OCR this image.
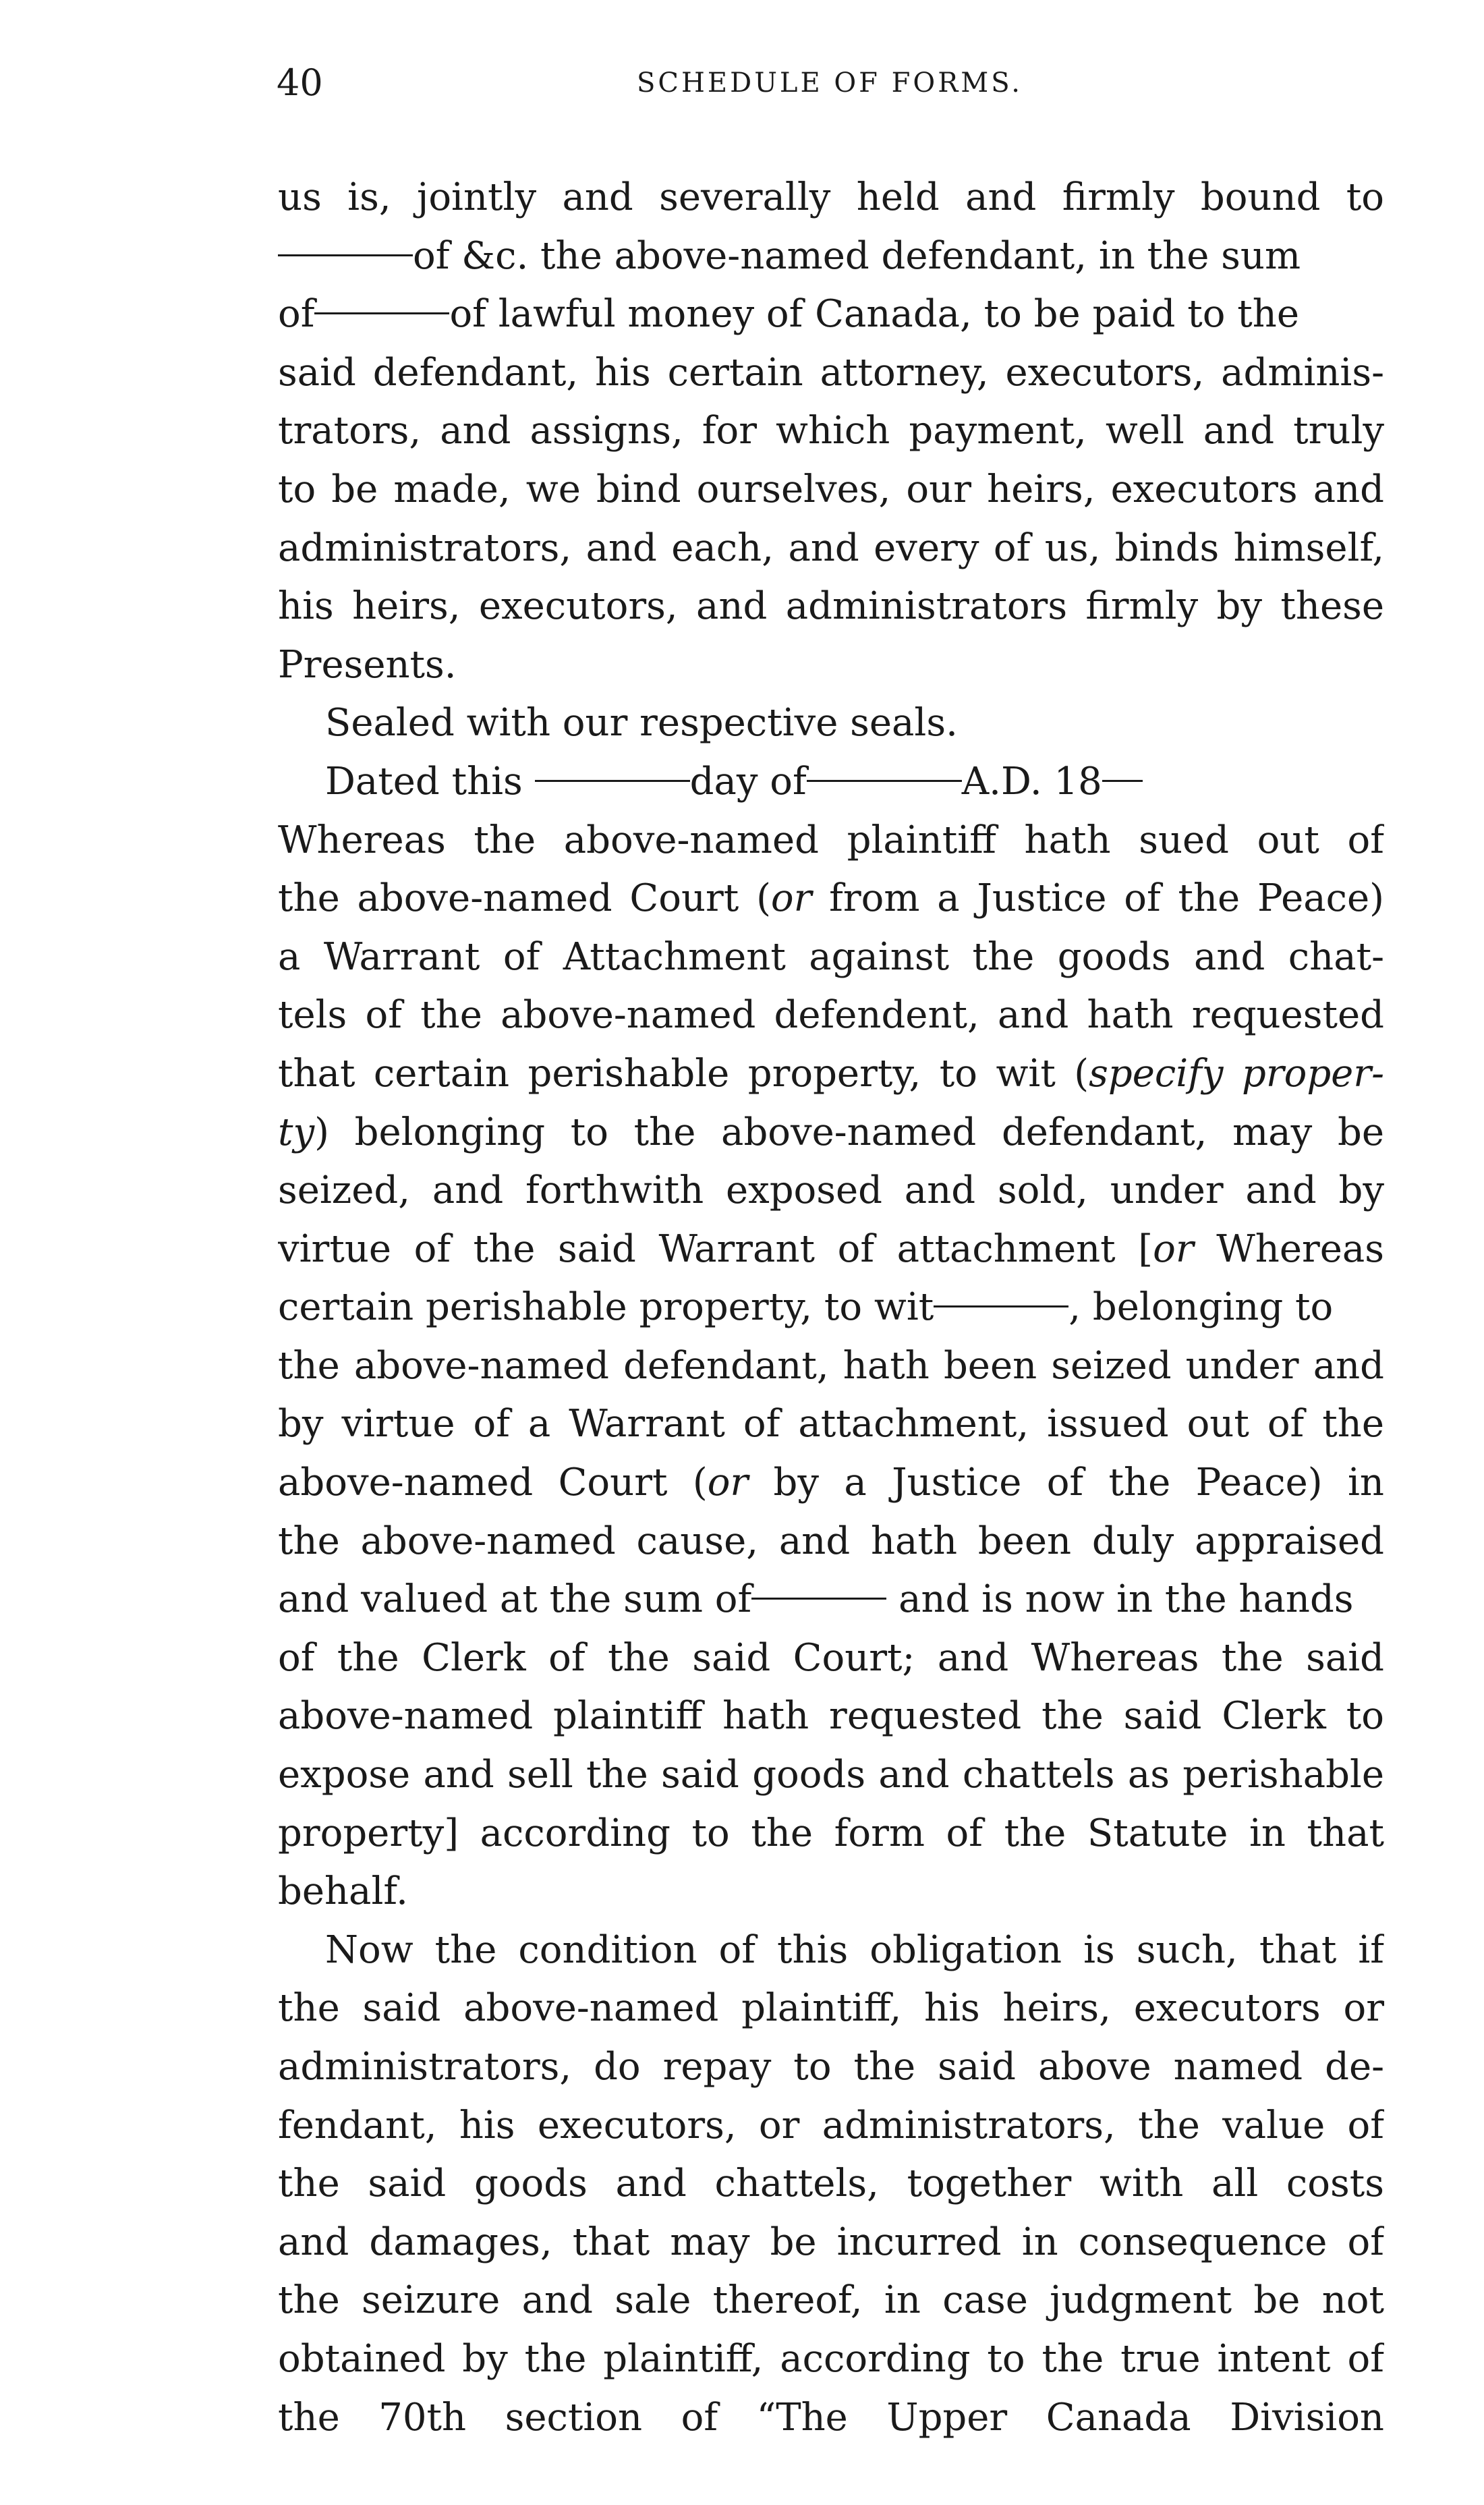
40	SCHEDULE OF FORMS.
us is, jointly and severally held and firmly bound to
of &c. the above-named defendant, in the sum
of	of lawful money of Canada, to be paid to the
said defendant, his certain attorney, executors, adminis-
trators, and assigns, for which payment, well and truly
to be made, we bind ourselves, our heirs, executors and
administrators, and each, and every of us, binds himself,
his heirs, executors, and administrators firmly by these
Presents.
Sealed with our respective seals.
Dated this	day of	A.D. 18
Whereas the above-named plaintiff hath sued out of
the above-named Court (or from a Justice of the Peace)
a Warrant of Attachment against the goods and chat-
tels of the above-named defendent, and hath requested
that certain perishable property, to wit (specify proper-
ty) belonging to the above-named defendant, may be
seized, and forthwith exposed and sold, under and by
virtue of the said Warrant of attachment [or Whereas
certain perishable property, to wit	, belonging to
the above-named defendant, hath been seized under and
by virtue of a Warrant of attachment, issued out of the
above-named Court (or by a Justice of the Peace) in
the above-named cause, and hath been duly appraised
and valued at the sum of	and is now in the hands
of the Clerk of the said Court; and Whereas the said
above-named plaintiff hath requested the said Clerk to
expose and sell the said goods and chattels as perishable
property] according to the form of the Statute in that
behalf.
Now the condition of this obligation is such, that if
the said above-named plaintiff, his heirs, executors or
administrators, do repay to the said above named de-
fendant, his executors, or administrators, the value of
the said goods and chattels, together with all costs
and damages, that may be incurred in consequence of
the seizure and sale thereof, in case judgment be not
obtained by the plaintiff, according to the true intent of
the 70th section of “The Upper Canada Division
